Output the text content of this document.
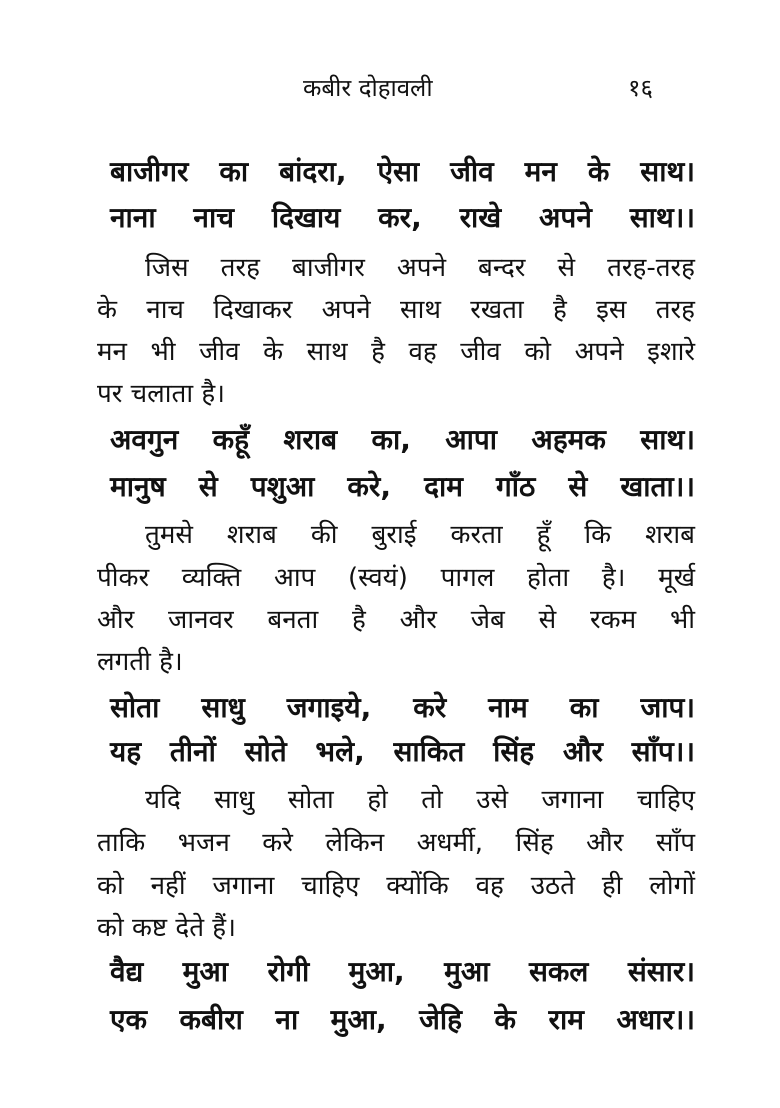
कबीर दोहावली	१६
बाजीगर का बांदरा, ऐसा जीव मन के साथ।
नाना नाच दिखाय कर, राखे अपने साथ।।
जिस तरह बाजीगर अपने बन्दर से तरह-तरह
के नाच दिखाकर अपने साथ रखता है इस तरह
मन भी जीव के साथ है वह जीव को अपने इशारे
पर चलाता है।
अवगुन कहूँ शराब का, आपा अहमक साथ।
मानुष से पशुआ करे, दाम गाँठ से खाता।।
तुमसे शराब की बुराई करता हूँ कि शराब
पीकर व्यक्ति आप (स्वयं) पागल होता है। मूर्ख
और जानवर बनता है और जेब से रकम भी
लगती है।
सोता साधु जगाइये, करे नाम का जाप।
यह तीनों सोते भले, साकित सिंह और साँप।।
यदि साधु सोता हो तो उसे जगाना चाहिए
ताकि भजन करे लेकिन अधर्मी, सिंह और साँप
को नहीं जगाना चाहिए क्योंकि वह उठते ही लोगों
को कष्ट देते हैं।
वैद्य मुआ रोगी मुआ, मुआ सकल संसार।
एक कबीरा ना मुआ, जेहि के राम अधार।।
